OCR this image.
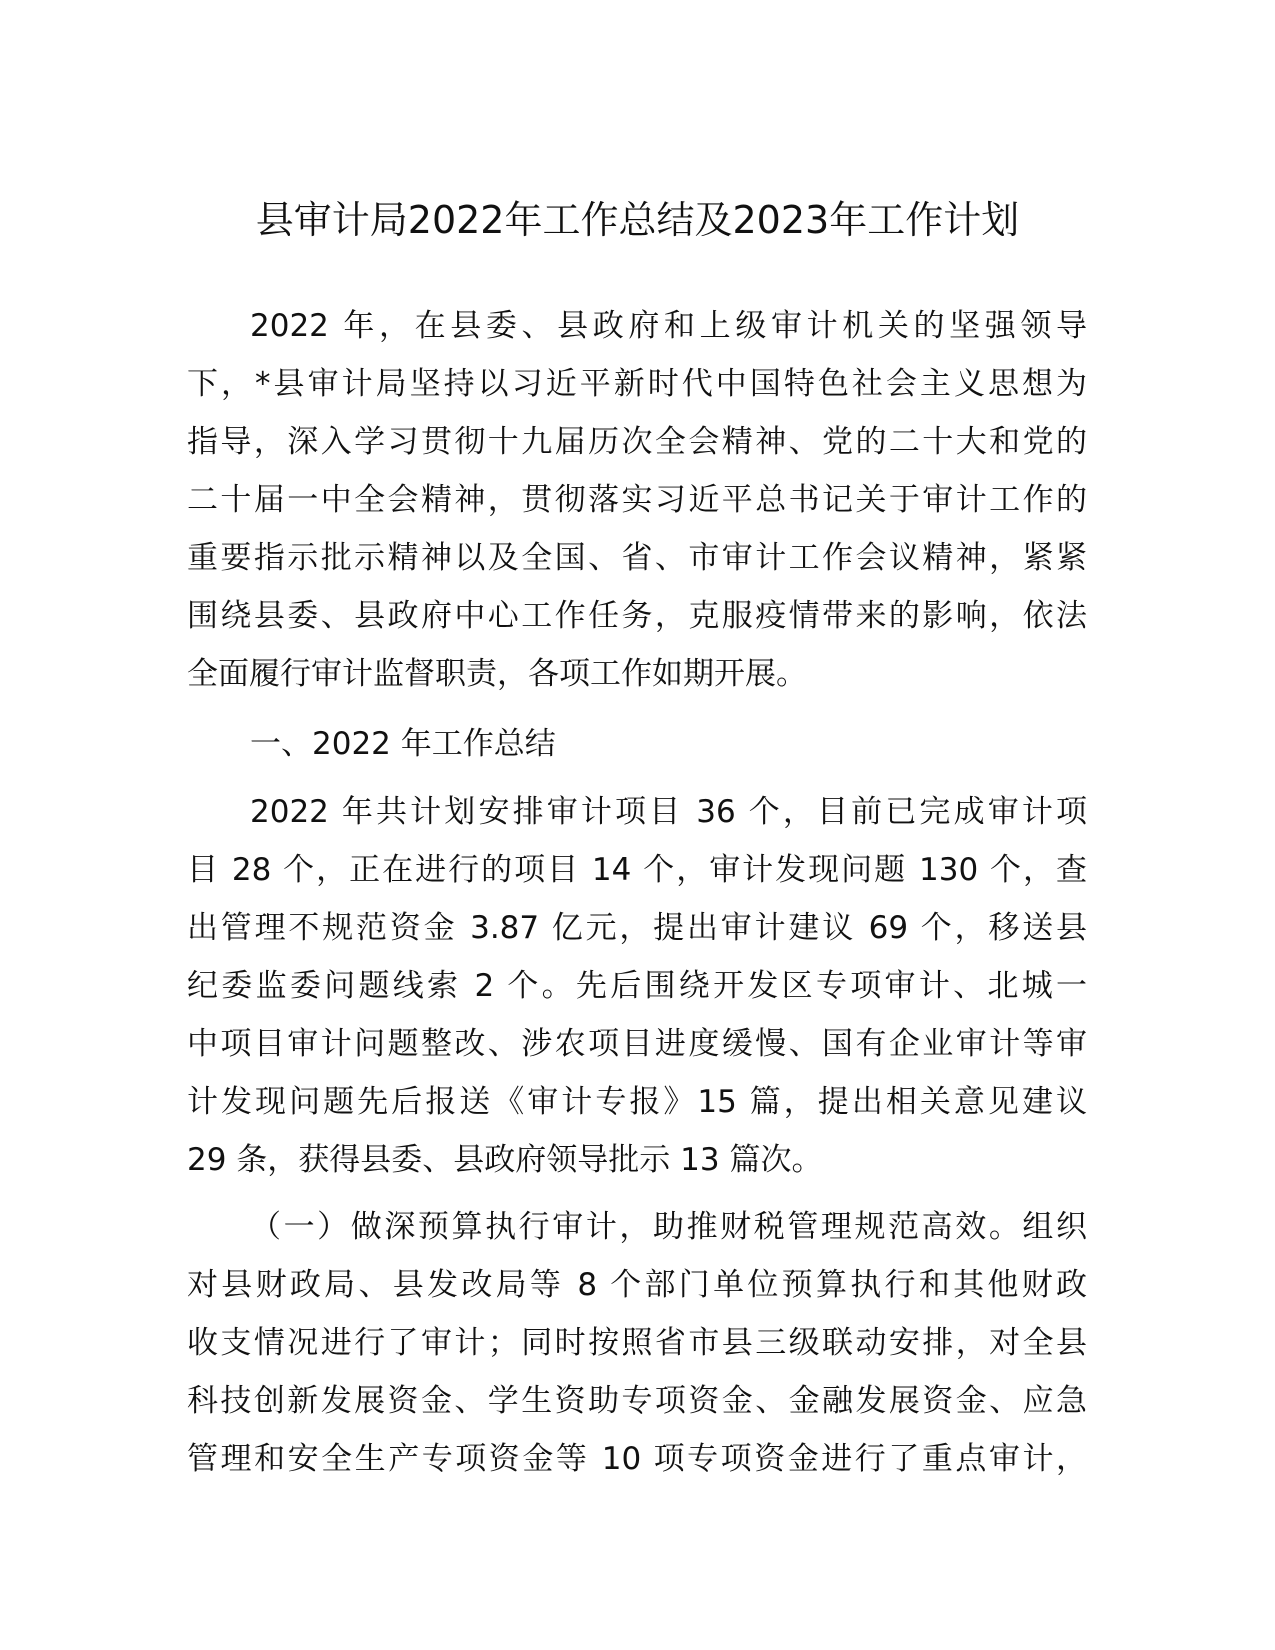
县审计局2022年工作总结及2023年工作计划
2022 年，在县委、县政府和上级审计机关的坚强领导
下，*县审计局坚持以习近平新时代中国特色社会主义思想为
指导，深入学习贯彻十九届历次全会精神、党的二十大和党的
二十届一中全会精神，贯彻落实习近平总书记关于审计工作的
重要指示批示精神以及全国、省、市审计工作会议精神，紧紧
围绕县委、县政府中心工作任务，克服疫情带来的影响，依法
全面履行审计监督职责，各项工作如期开展。
一、2022 年工作总结
2022 年共计划安排审计项目 36 个，目前已完成审计项
目 28 个，正在进行的项目 14 个，审计发现问题 130 个，查
出管理不规范资金 3.87 亿元，提出审计建议 69 个，移送县
纪委监委问题线索 2 个。先后围绕开发区专项审计、北城一
中项目审计问题整改、涉农项目进度缓慢、国有企业审计等审
计发现问题先后报送《审计专报》15 篇，提出相关意见建议
29 条，获得县委、县政府领导批示 13 篇次。
（一）做深预算执行审计，助推财税管理规范高效。组织
对县财政局、县发改局等 8 个部门单位预算执行和其他财政
收支情况进行了审计；同时按照省市县三级联动安排，对全县
科技创新发展资金、学生资助专项资金、金融发展资金、应急
管理和安全生产专项资金等 10 项专项资金进行了重点审计，
